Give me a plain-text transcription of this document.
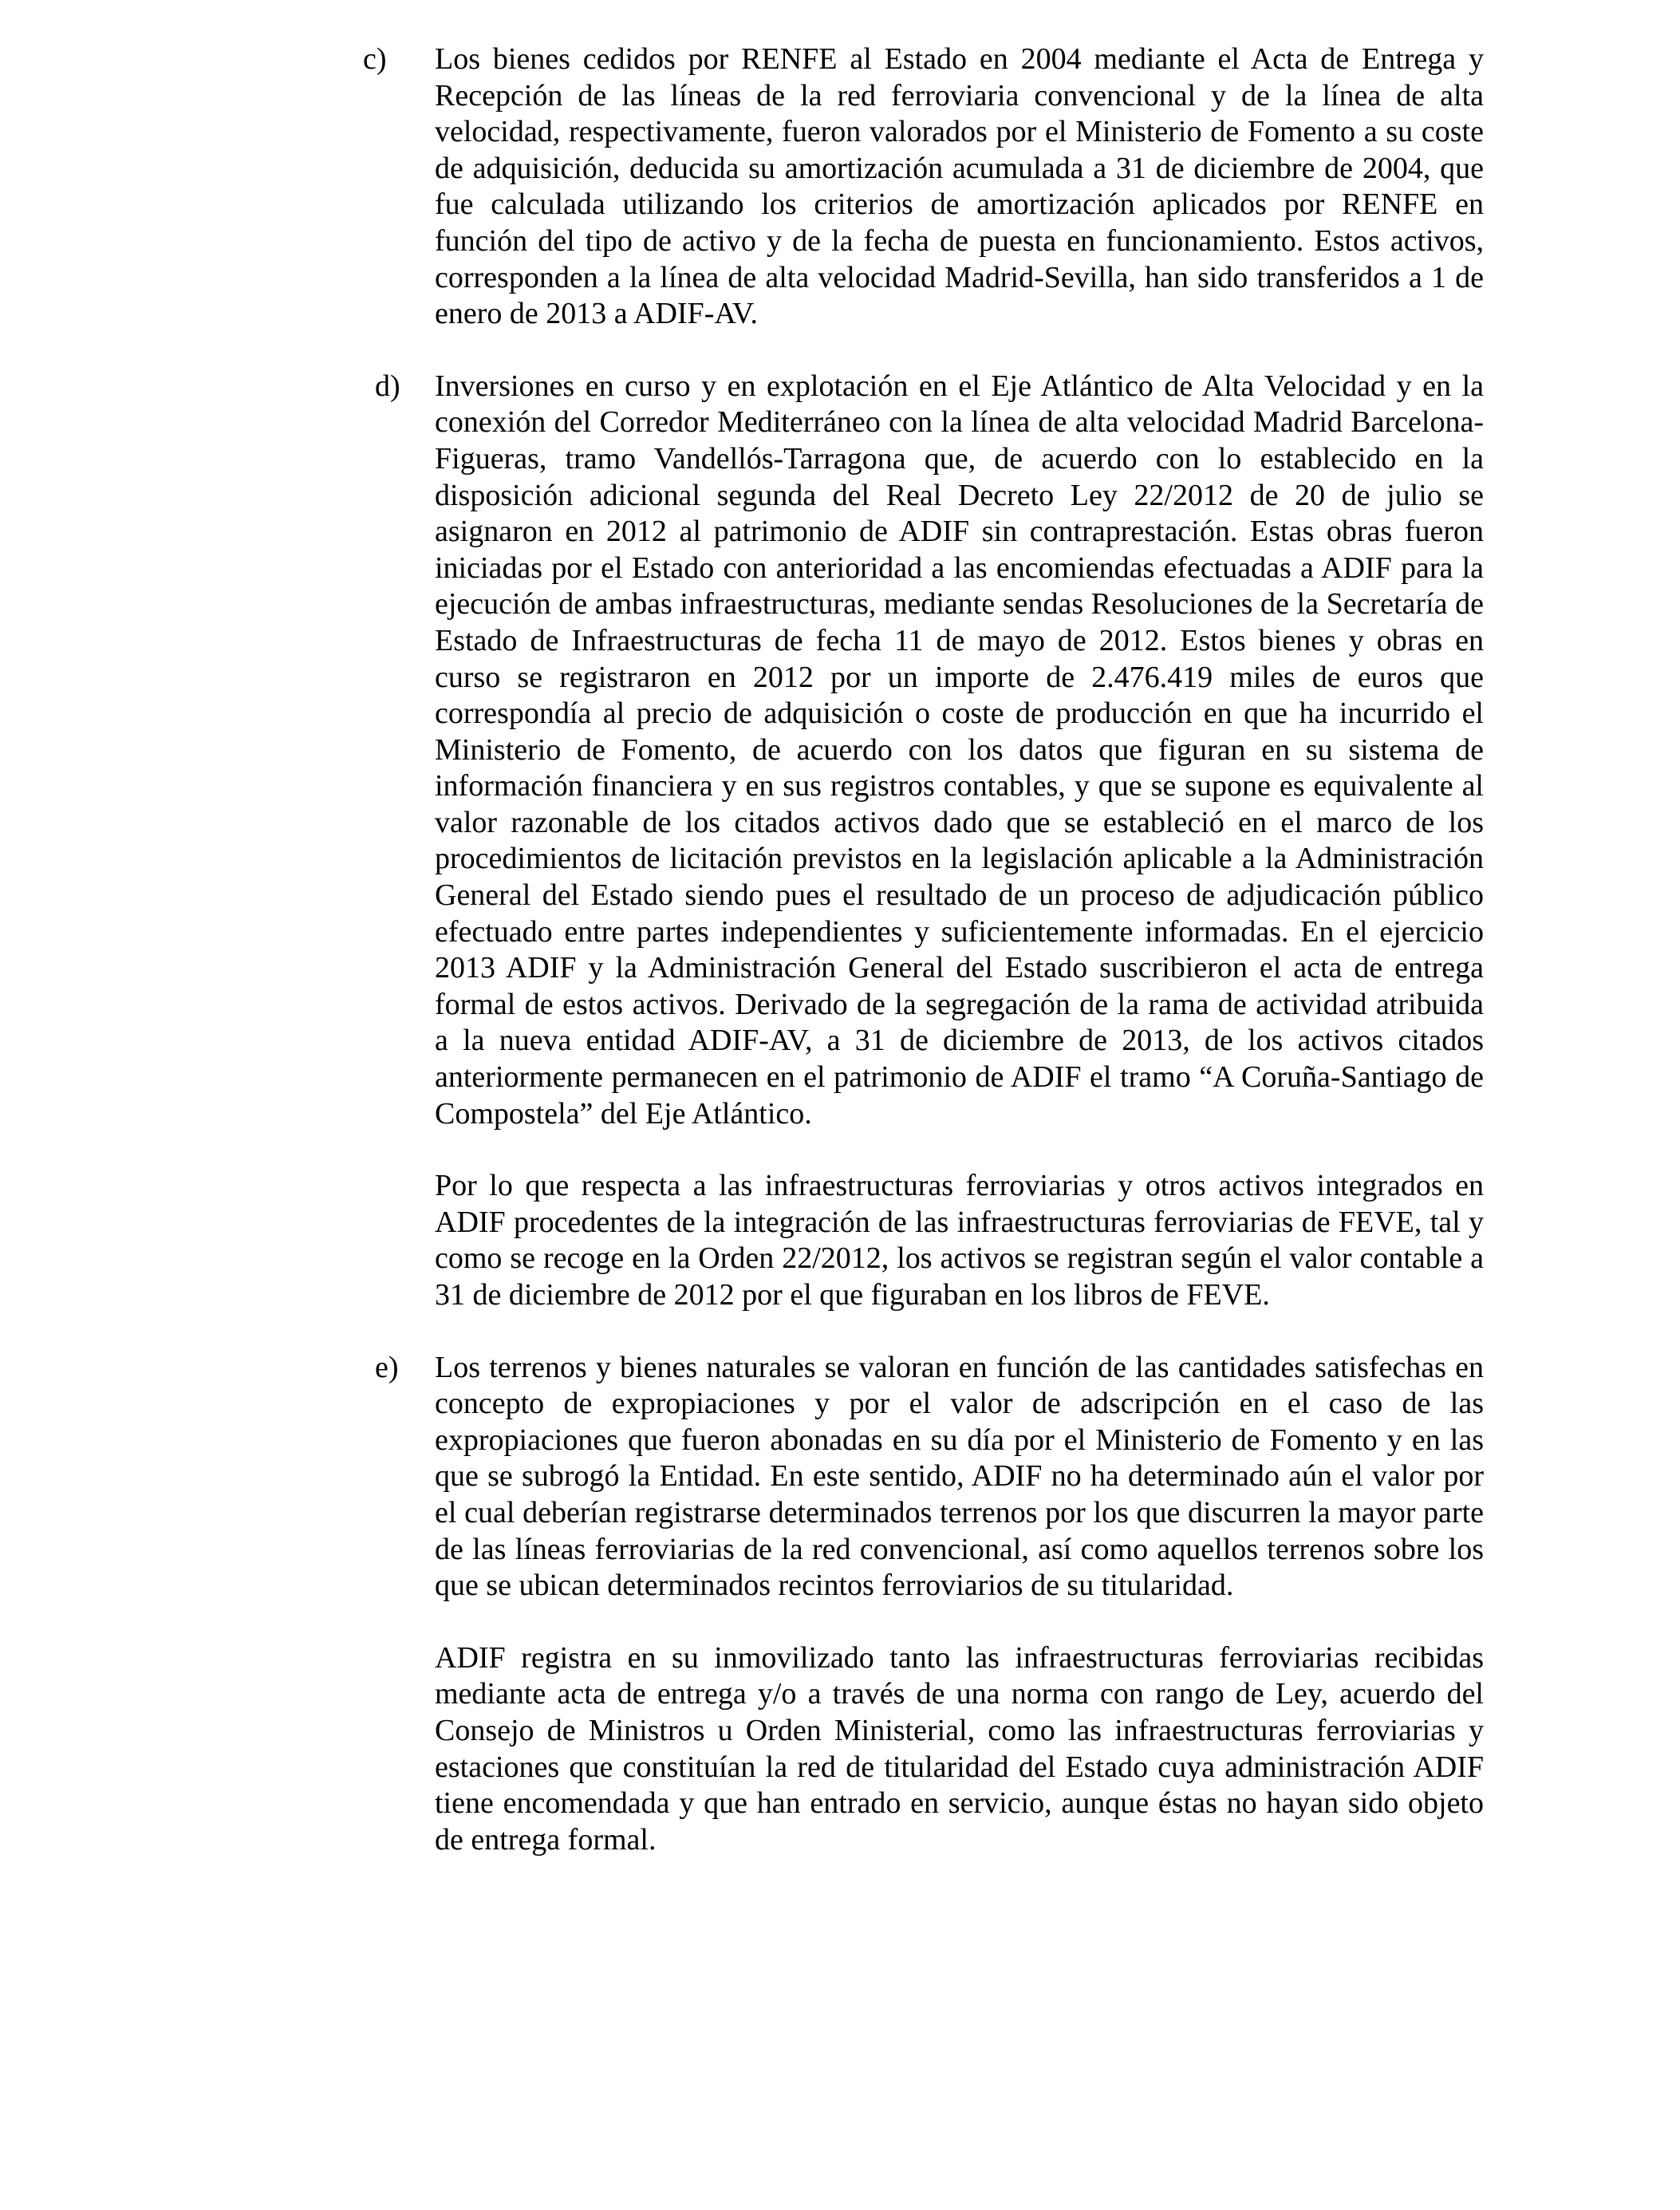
c)	Los bienes cedidos por RENFE al Estado en 2004 mediante el Acta de Entrega y Recepción de las líneas de la red ferroviaria convencional y de la línea de alta velocidad, respectivamente, fueron valorados por el Ministerio de Fomento a su coste de adquisición, deducida su amortización acumulada a 31 de diciembre de 2004, que fue calculada utilizando los criterios de amortización aplicados por RENFE en función del tipo de activo y de la fecha de puesta en funcionamiento. Estos activos, corresponden a la línea de alta velocidad Madrid-Sevilla, han sido transferidos a 1 de enero de 2013 a ADIF-AV.

d)	Inversiones en curso y en explotación en el Eje Atlántico de Alta Velocidad y en la conexión del Corredor Mediterráneo con la línea de alta velocidad Madrid Barcelona-Figueras, tramo Vandellós-Tarragona que, de acuerdo con lo establecido en la disposición adicional segunda del Real Decreto Ley 22/2012 de 20 de julio se asignaron en 2012 al patrimonio de ADIF sin contraprestación. Estas obras fueron iniciadas por el Estado con anterioridad a las encomiendas efectuadas a ADIF para la ejecución de ambas infraestructuras, mediante sendas Resoluciones de la Secretaría de Estado de Infraestructuras de fecha 11 de mayo de 2012. Estos bienes y obras en curso se registraron en 2012 por un importe de 2.476.419 miles de euros que correspondía al precio de adquisición o coste de producción en que ha incurrido el Ministerio de Fomento, de acuerdo con los datos que figuran en su sistema de información financiera y en sus registros contables, y que se supone es equivalente al valor razonable de los citados activos dado que se estableció en el marco de los procedimientos de licitación previstos en la legislación aplicable a la Administración General del Estado siendo pues el resultado de un proceso de adjudicación público efectuado entre partes independientes y suficientemente informadas. En el ejercicio 2013 ADIF y la Administración General del Estado suscribieron el acta de entrega formal de estos activos. Derivado de la segregación de la rama de actividad atribuida a la nueva entidad ADIF-AV, a 31 de diciembre de 2013, de los activos citados anteriormente permanecen en el patrimonio de ADIF el tramo “A Coruña-Santiago de Compostela” del Eje Atlántico.

Por lo que respecta a las infraestructuras ferroviarias y otros activos integrados en ADIF procedentes de la integración de las infraestructuras ferroviarias de FEVE, tal y como se recoge en la Orden 22/2012, los activos se registran según el valor contable a 31 de diciembre de 2012 por el que figuraban en los libros de FEVE.

e)	Los terrenos y bienes naturales se valoran en función de las cantidades satisfechas en concepto de expropiaciones y por el valor de adscripción en el caso de las expropiaciones que fueron abonadas en su día por el Ministerio de Fomento y en las que se subrogó la Entidad. En este sentido, ADIF no ha determinado aún el valor por el cual deberían registrarse determinados terrenos por los que discurren la mayor parte de las líneas ferroviarias de la red convencional, así como aquellos terrenos sobre los que se ubican determinados recintos ferroviarios de su titularidad.

ADIF registra en su inmovilizado tanto las infraestructuras ferroviarias recibidas mediante acta de entrega y/o a través de una norma con rango de Ley, acuerdo del Consejo de Ministros u Orden Ministerial, como las infraestructuras ferroviarias y estaciones que constituían la red de titularidad del Estado cuya administración ADIF tiene encomendada y que han entrado en servicio, aunque éstas no hayan sido objeto de entrega formal.
